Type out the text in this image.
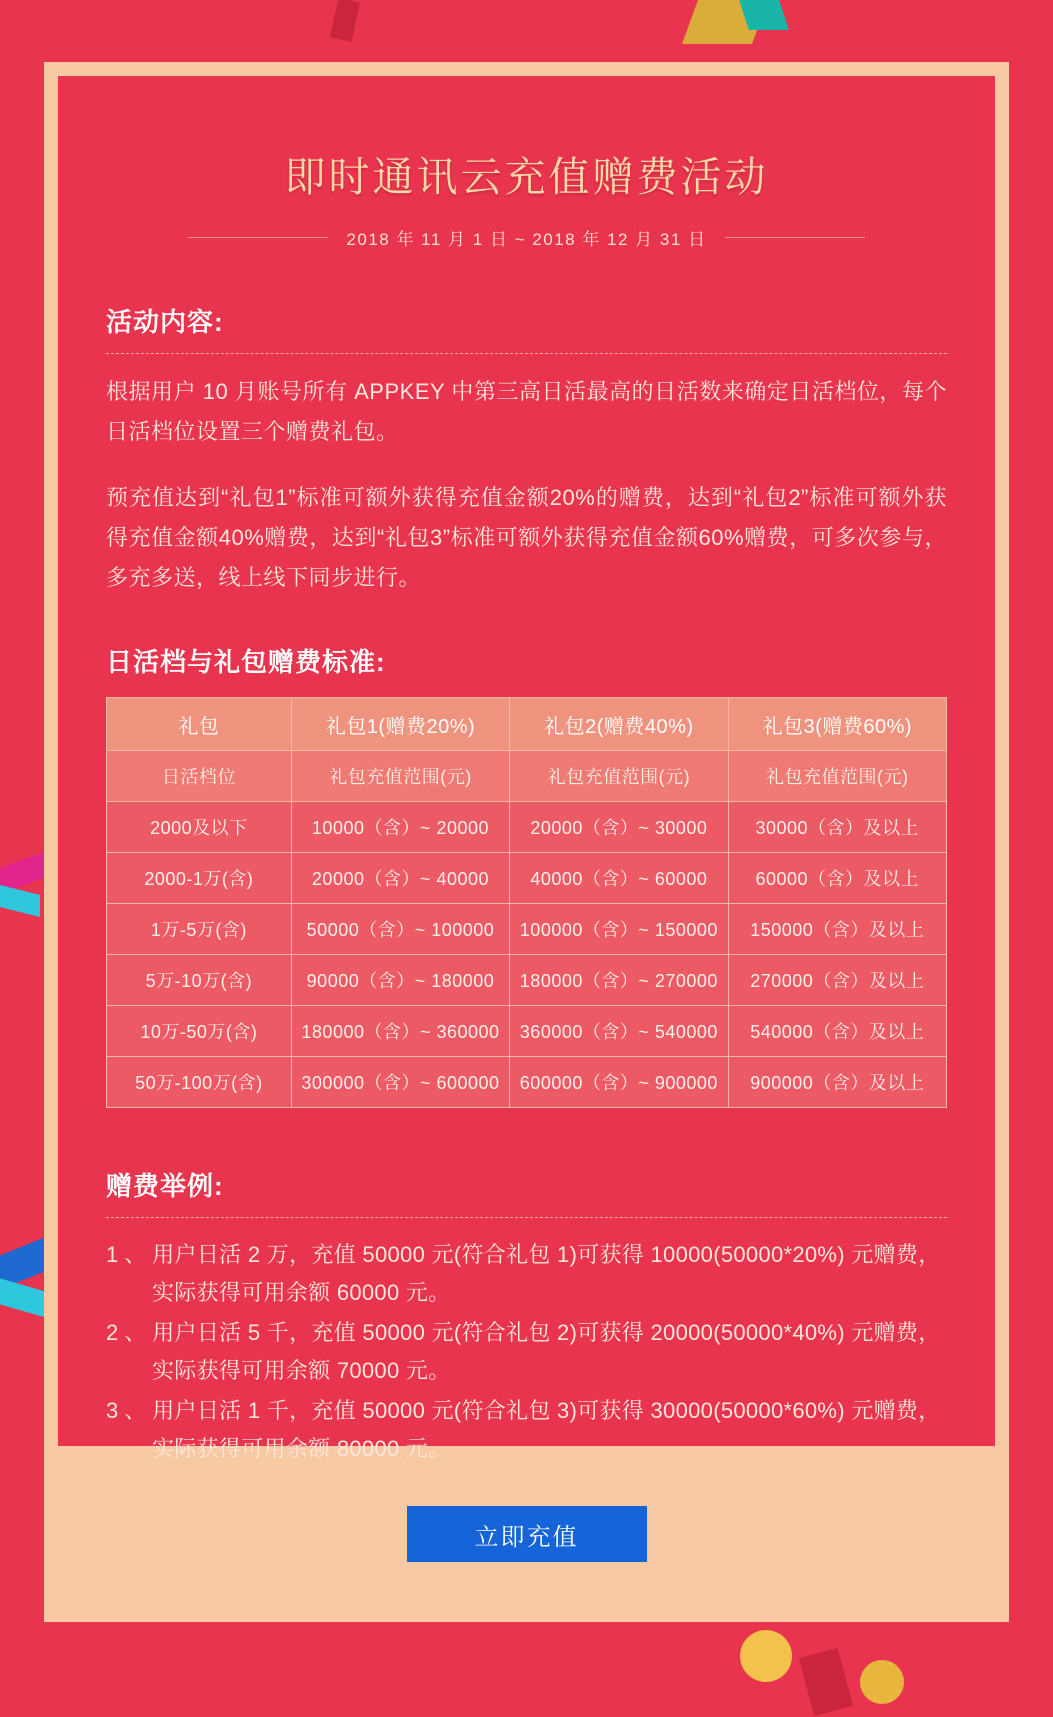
即时通讯云充值赠费活动
2018 年 11 月 1 日 ~ 2018 年 12 月 31 日
活动内容:

根据用户 10 月账号所有 APPKEY 中第三高日活最高的日活数来确定日活档位，每个日活档位设置三个赠费礼包。

预充值达到“礼包1”标准可额外获得充值金额20%的赠费，达到“礼包2”标准可额外获得充值金额40%赠费，达到“礼包3”标准可额外获得充值金额60%赠费，可多次参与，多充多送，线上线下同步进行。

日活档与礼包赠费标准:
礼包	礼包1(赠费20%)	礼包2(赠费40%)	礼包3(赠费60%)
日活档位	礼包充值范围(元)	礼包充值范围(元)	礼包充值范围(元)
2000及以下	10000（含）~ 20000	20000（含）~ 30000	30000（含）及以上
2000-1万(含)	20000（含）~ 40000	40000（含）~ 60000	60000（含）及以上
1万-5万(含)	50000（含）~ 100000	100000（含）~ 150000	150000（含）及以上
5万-10万(含)	90000（含）~ 180000	180000（含）~ 270000	270000（含）及以上
10万-50万(含)	180000（含）~ 360000	360000（含）~ 540000	540000（含）及以上
50万-100万(含)	300000（含）~ 600000	600000（含）~ 900000	900000（含）及以上
赠费举例:
1、用户日活 2 万，充值 50000 元(符合礼包 1)可获得 10000(50000*20%) 元赠费，实际获得可用余额 60000 元。
2、用户日活 5 千，充值 50000 元(符合礼包 2)可获得 20000(50000*40%) 元赠费，实际获得可用余额 70000 元。
3、用户日活 1 千，充值 50000 元(符合礼包 3)可获得 30000(50000*60%) 元赠费，实际获得可用余额 80000 元。
立即充值
